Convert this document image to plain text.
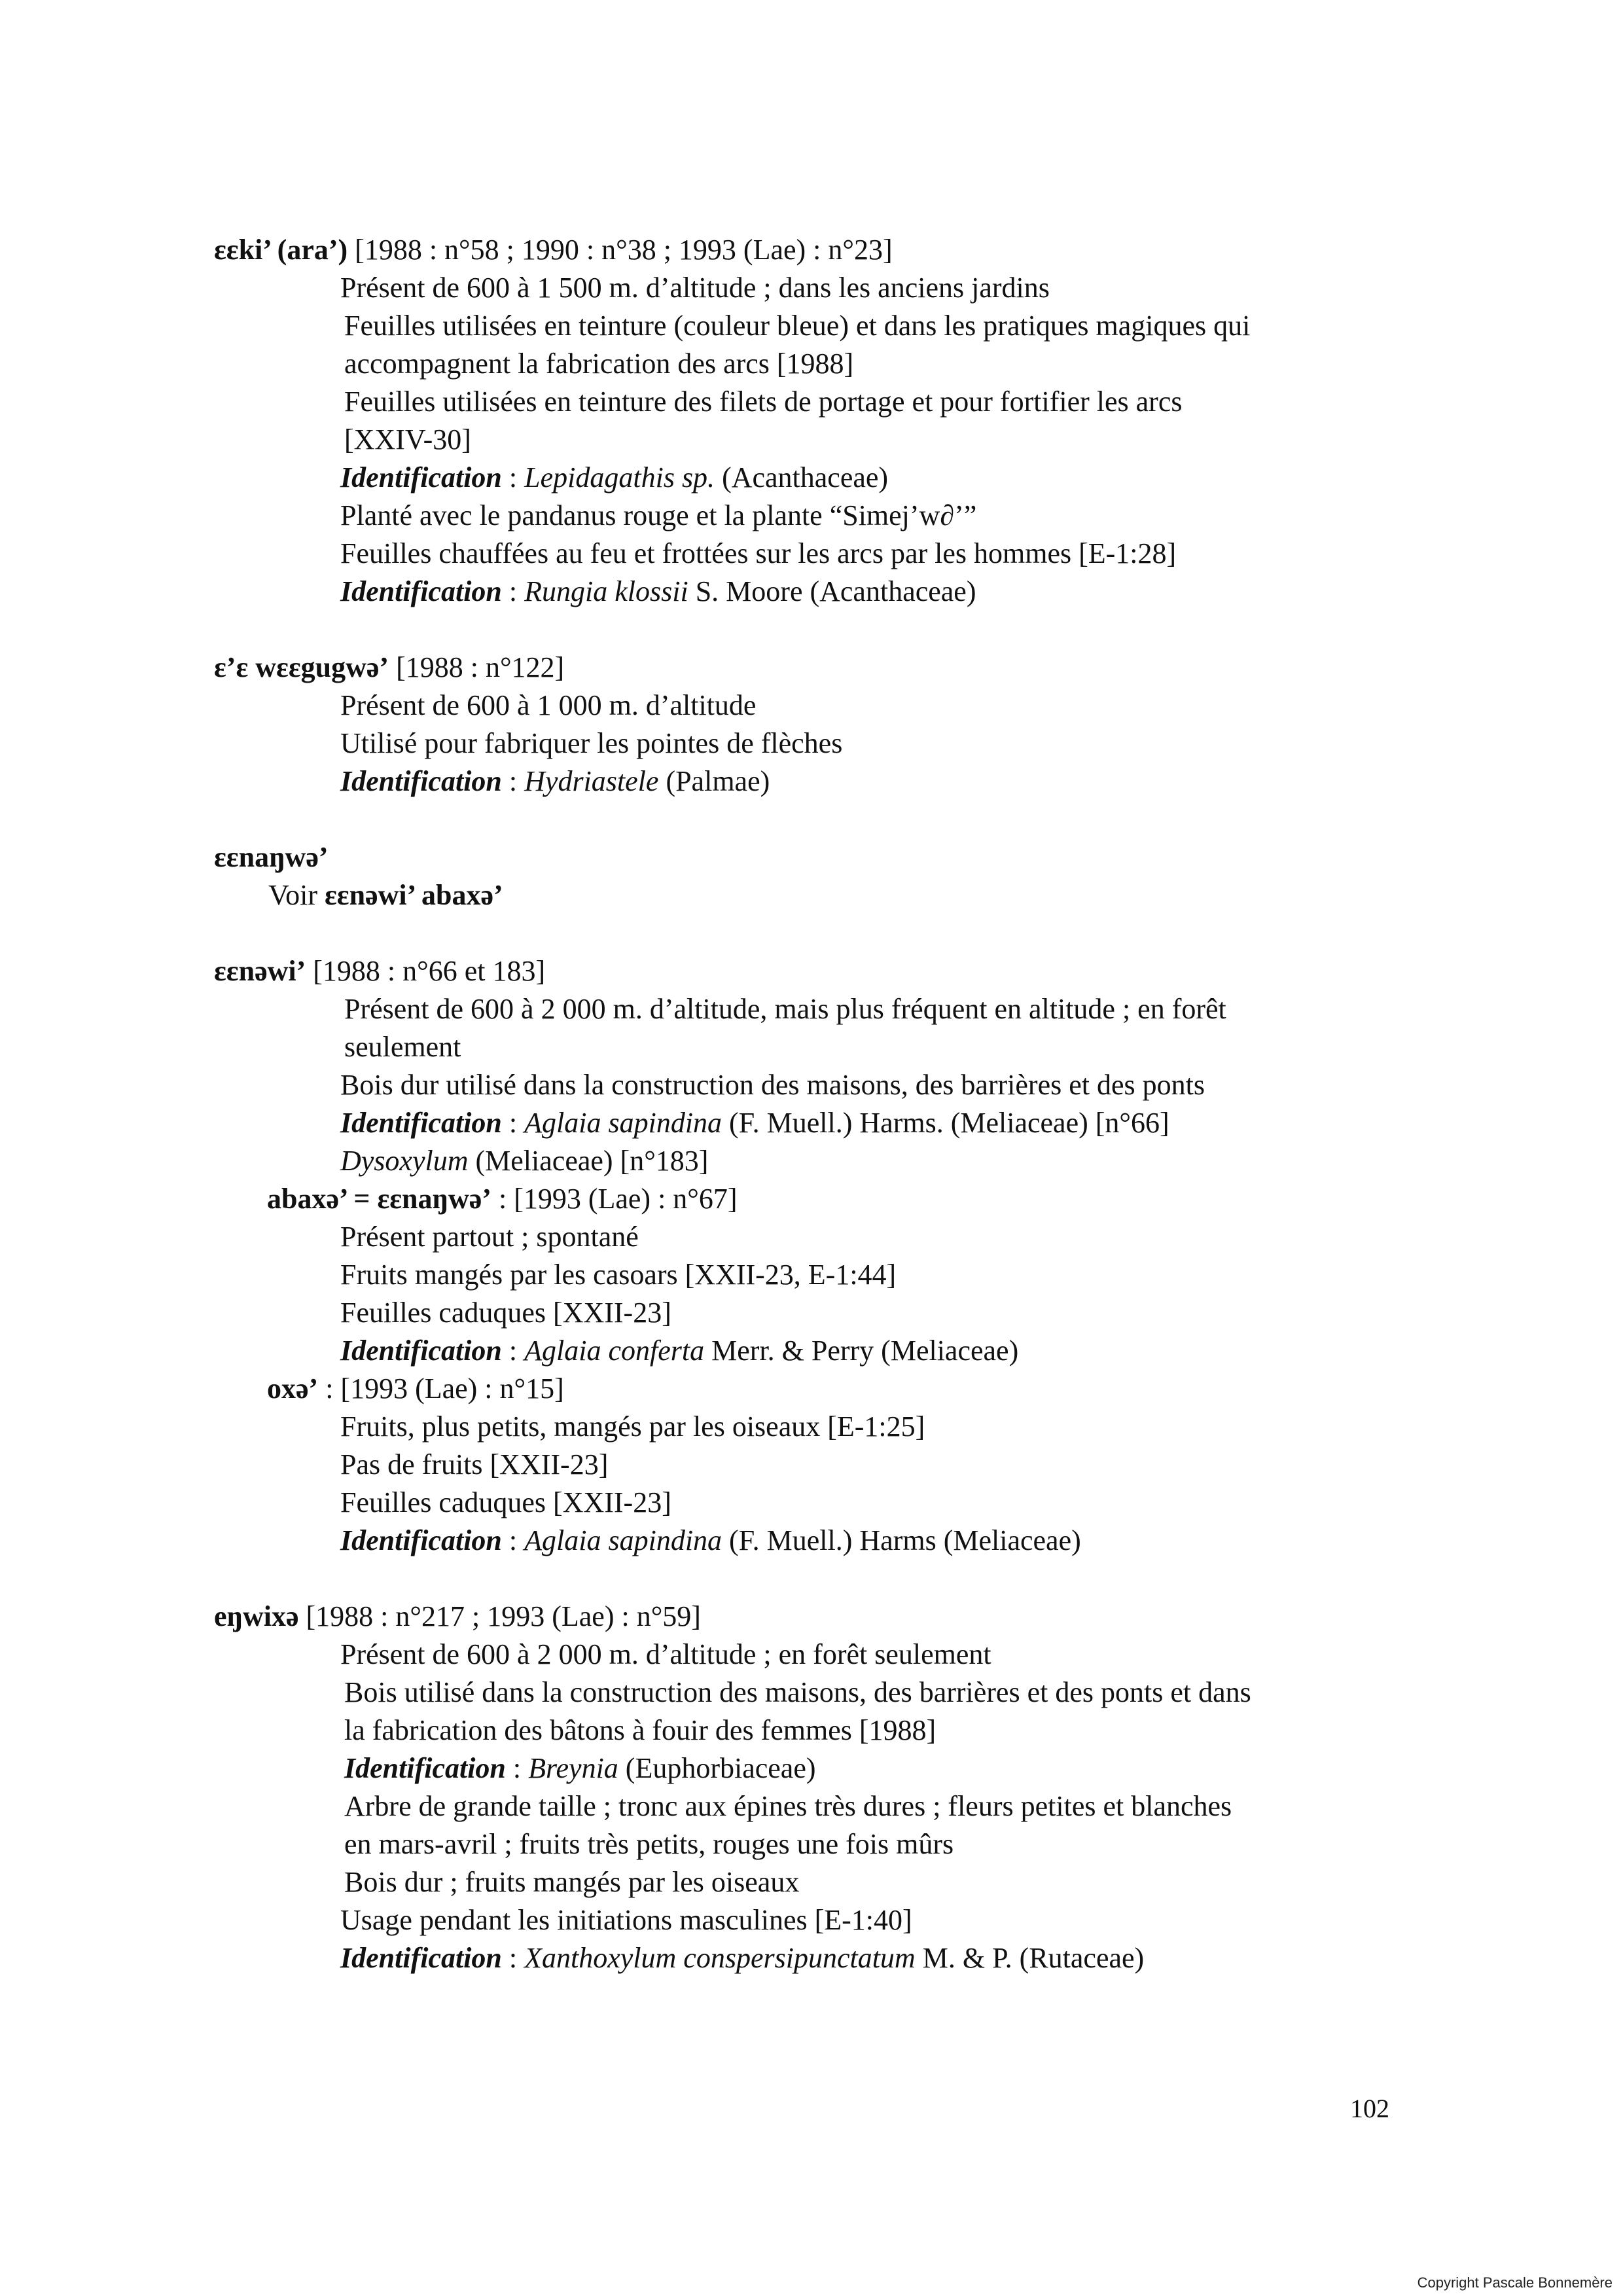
εεki’ (ara’) [1988 : n°58 ; 1990 : n°38 ; 1993 (Lae) : n°23]
Présent de 600 à 1 500 m. d’altitude ; dans les anciens jardins
Feuilles utilisées en teinture (couleur bleue) et dans les pratiques magiques qui
accompagnent la fabrication des arcs [1988]
Feuilles utilisées en teinture des filets de portage et pour fortifier les arcs
[XXIV-30]
Identification : Lepidagathis sp. (Acanthaceae)
Planté avec le pandanus rouge et la plante “Simej’w∂’”
Feuilles chauffées au feu et frottées sur les arcs par les hommes [E-1:28]
Identification : Rungia klossii S. Moore (Acanthaceae)
ε’ε wεεgugwə’ [1988 : n°122]
Présent de 600 à 1 000 m. d’altitude
Utilisé pour fabriquer les pointes de flèches
Identification : Hydriastele (Palmae)
εεnaŋwə’
Voir εεnəwi’ abaxə’
εεnəwi’ [1988 : n°66 et 183]
Présent de 600 à 2 000 m. d’altitude, mais plus fréquent en altitude ; en forêt
seulement
Bois dur utilisé dans la construction des maisons, des barrières et des ponts
Identification : Aglaia sapindina (F. Muell.) Harms. (Meliaceae) [n°66]
Dysoxylum (Meliaceae) [n°183]
abaxə’ = εεnaŋwə’ : [1993 (Lae) : n°67]
Présent partout ; spontané
Fruits mangés par les casoars [XXII-23, E-1:44]
Feuilles caduques [XXII-23]
Identification : Aglaia conferta Merr. & Perry (Meliaceae)
oxə’ : [1993 (Lae) : n°15]
Fruits, plus petits, mangés par les oiseaux [E-1:25]
Pas de fruits [XXII-23]
Feuilles caduques [XXII-23]
Identification : Aglaia sapindina (F. Muell.) Harms (Meliaceae)
eŋwixə [1988 : n°217 ; 1993 (Lae) : n°59]
Présent de 600 à 2 000 m. d’altitude ; en forêt seulement
Bois utilisé dans la construction des maisons, des barrières et des ponts et dans
la fabrication des bâtons à fouir des femmes [1988]
Identification : Breynia (Euphorbiaceae)
Arbre de grande taille ; tronc aux épines très dures ; fleurs petites et blanches
en mars-avril ; fruits très petits, rouges une fois mûrs
Bois dur ; fruits mangés par les oiseaux
Usage pendant les initiations masculines [E-1:40]
Identification : Xanthoxylum conspersipunctatum M. & P. (Rutaceae)
102
Copyright Pascale Bonnemère
